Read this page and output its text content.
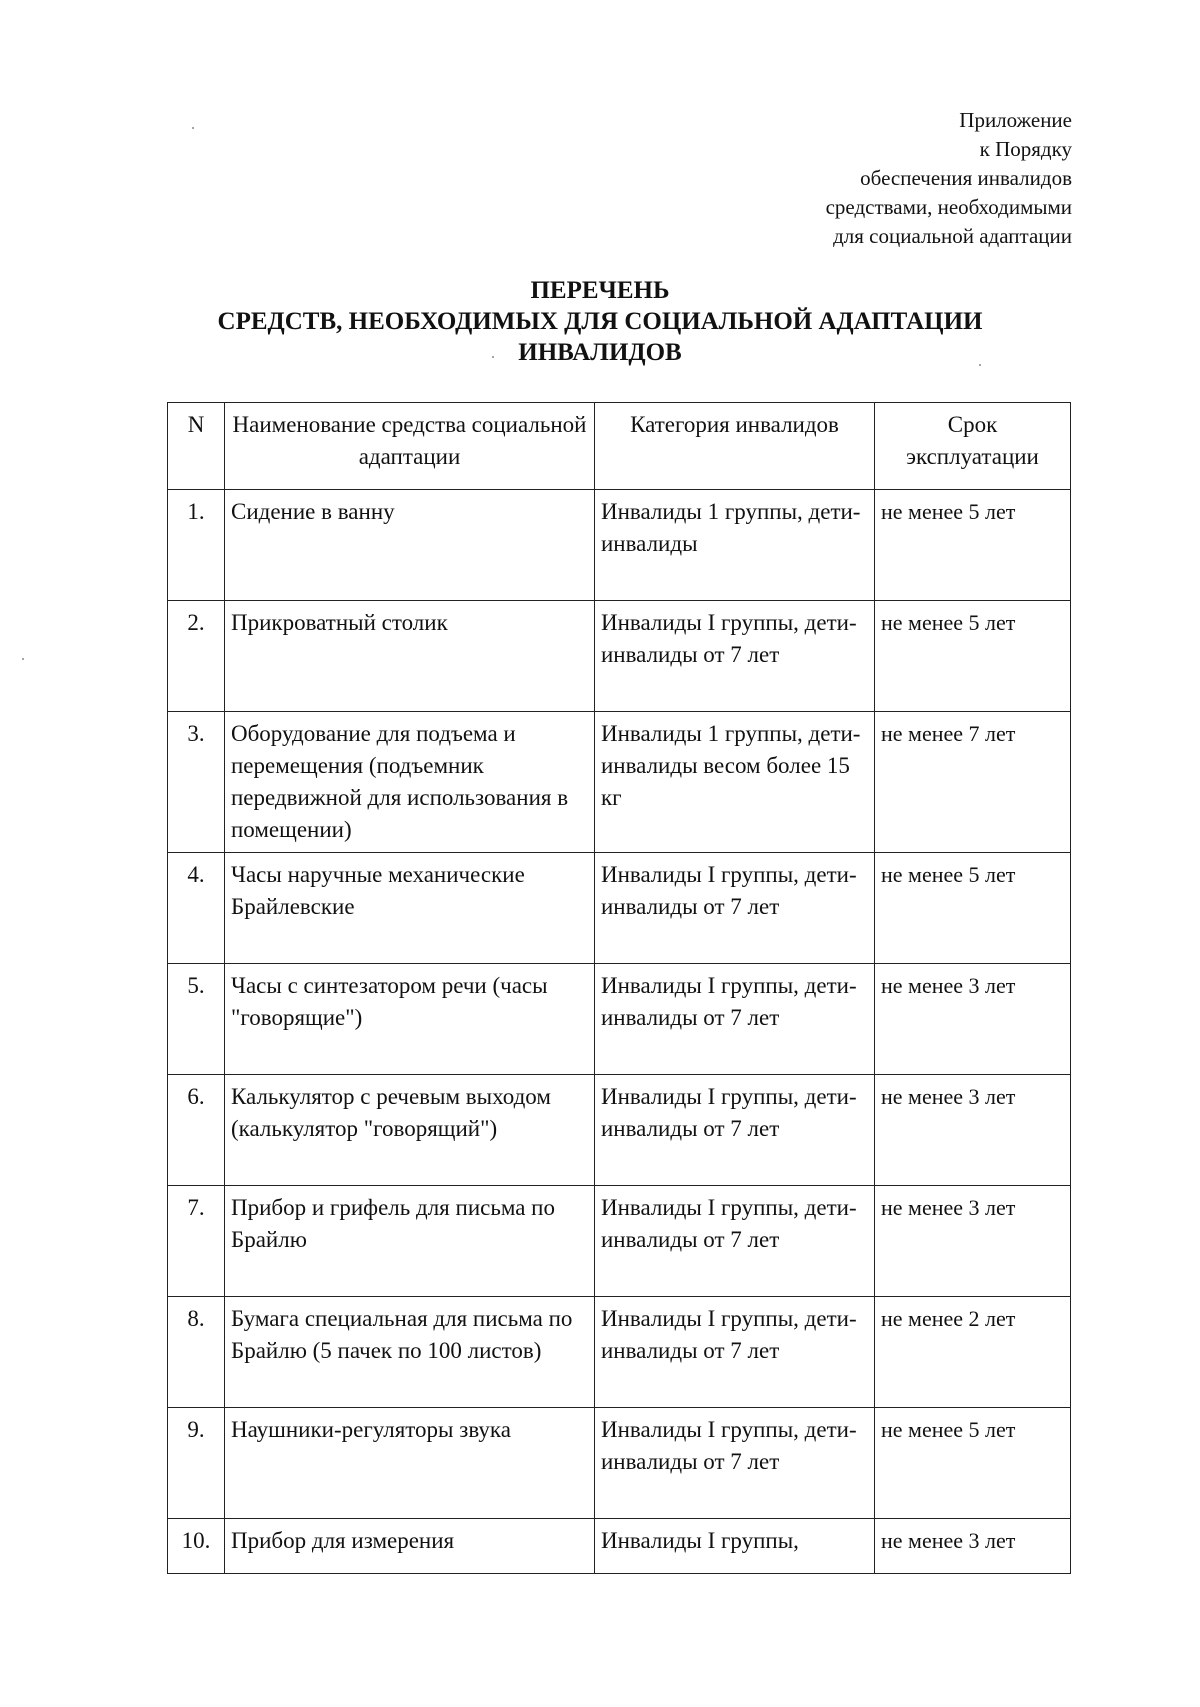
Приложение
к Порядку
обеспечения инвалидов
средствами, необходимыми
для социальной адаптации
ПЕРЕЧЕНЬ
СРЕДСТВ, НЕОБХОДИМЫХ ДЛЯ СОЦИАЛЬНОЙ АДАПТАЦИИ
ИНВАЛИДОВ
N	Наименование средства социальной адаптации	Категория инвалидов	Срок эксплуатации
1.	Сидение в ванну	Инвалиды 1 группы, дети-инвалиды	не менее 5 лет
2.	Прикроватный столик	Инвалиды I группы, дети-инвалиды от 7 лет	не менее 5 лет
3.	Оборудование для подъема и перемещения (подъемник передвижной для использования в помещении)	Инвалиды 1 группы, дети-инвалиды весом более 15 кг	не менее 7 лет
4.	Часы наручные механические Брайлевские	Инвалиды I группы, дети-инвалиды от 7 лет	не менее 5 лет
5.	Часы с синтезатором речи (часы "говорящие")	Инвалиды I группы, дети-инвалиды от 7 лет	не менее 3 лет
6.	Калькулятор с речевым выходом (калькулятор "говорящий")	Инвалиды I группы, дети-инвалиды от 7 лет	не менее 3 лет
7.	Прибор и грифель для письма по Брайлю	Инвалиды I группы, дети-инвалиды от 7 лет	не менее 3 лет
8.	Бумага специальная для письма по Брайлю (5 пачек по 100 листов)	Инвалиды I группы, дети-инвалиды от 7 лет	не менее 2 лет
9.	Наушники-регуляторы звука	Инвалиды I группы, дети-инвалиды от 7 лет	не менее 5 лет
10.	Прибор для измерения	Инвалиды I группы,	не менее 3 лет
